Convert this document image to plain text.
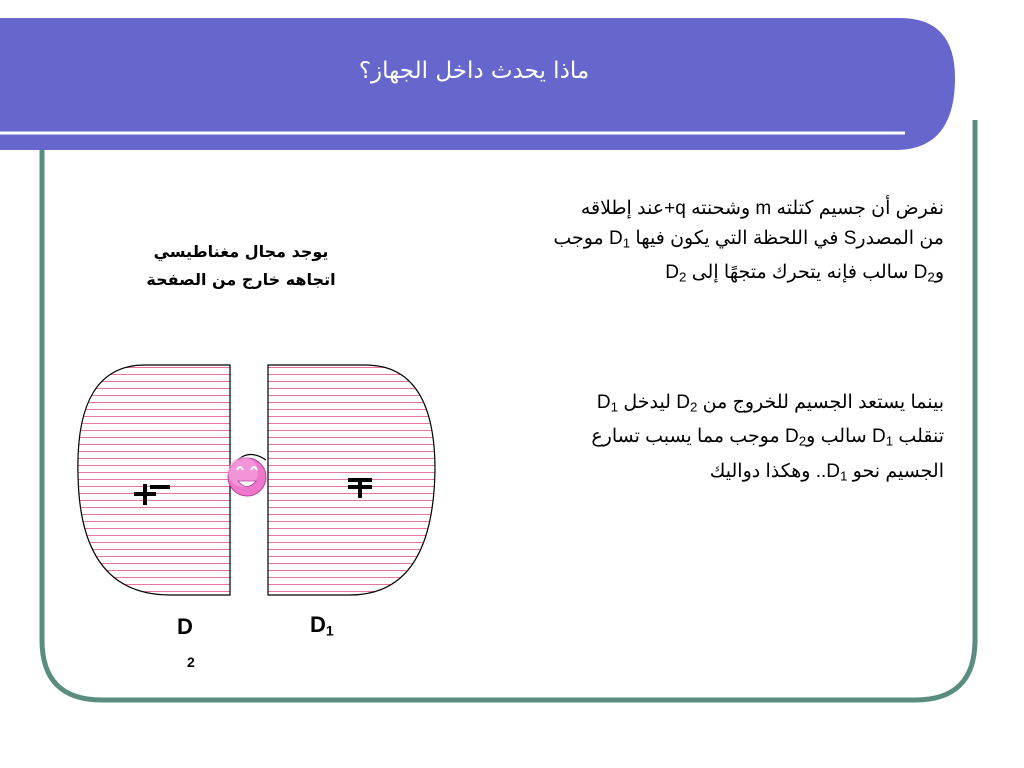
ماذا يحدث داخل الجهاز؟
نفرض أن جسيم كتلته m وشحنته q+عند إطلاقه
من المصدرS في اللحظة التي يكون فيها $D_1$ موجب
وD$_2$ سالب فإنه يتحرك متجهًا إلى $D_2$
بينما يستعد الجسيم للخروج من $D_2$ ليدخل $D_1$
تنقلب $D_1$ سالب وD$_2$ موجب مما يسبب تسارع
الجسيم نحو $D_1$.. وهكذا دواليك
يوجد مجال مغناطيسي
اتجاهه خارج من الصفحة
D
2
$D_1$
